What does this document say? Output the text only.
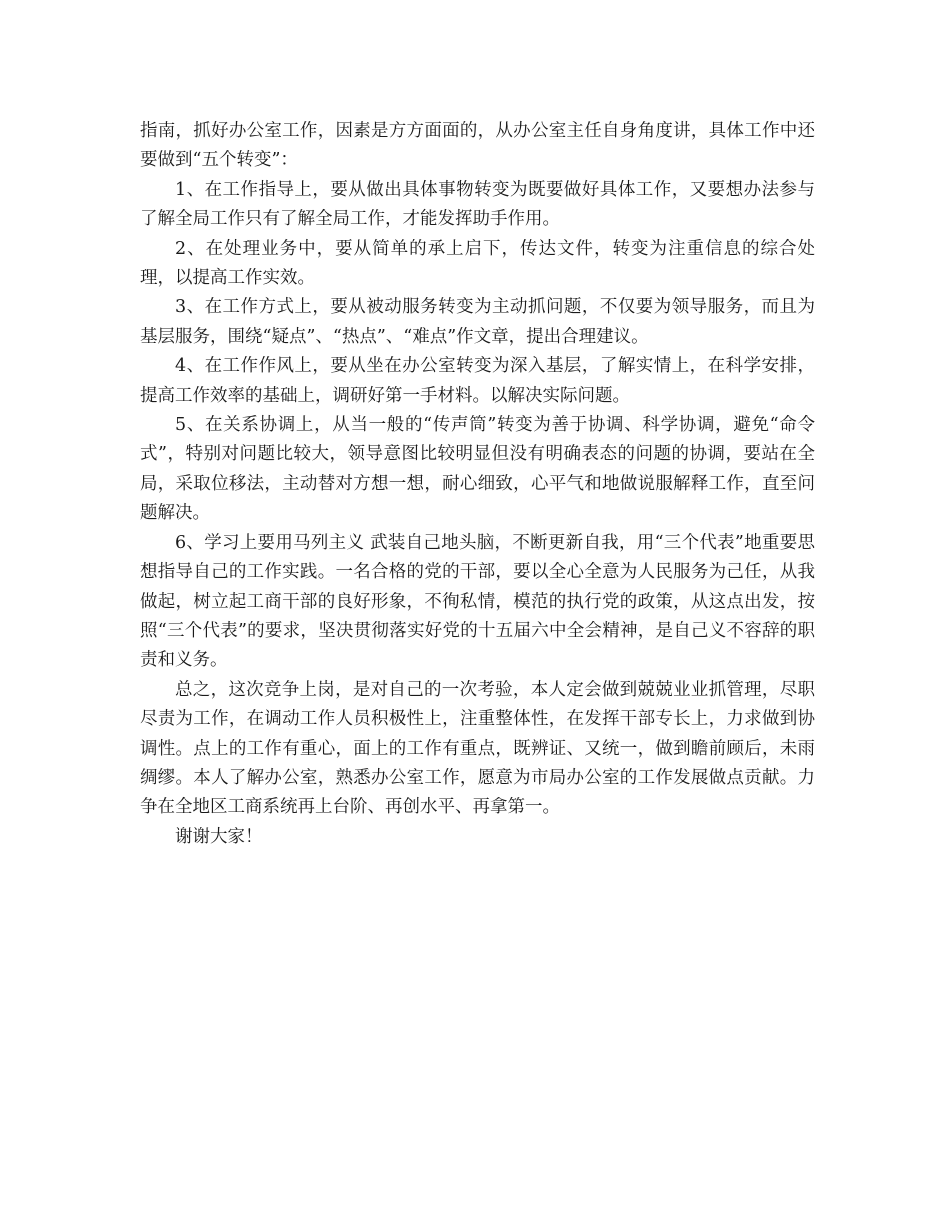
指南，抓好办公室工作，因素是方方面面的，从办公室主任自身角度讲，具体工作中还要做到“五个转变”：

1、在工作指导上，要从做出具体事物转变为既要做好具体工作，又要想办法参与了解全局工作只有了解全局工作，才能发挥助手作用。

2、在处理业务中，要从简单的承上启下，传达文件，转变为注重信息的综合处理，以提高工作实效。

3、在工作方式上，要从被动服务转变为主动抓问题，不仅要为领导服务，而且为基层服务，围绕“疑点”、“热点”、“难点”作文章，提出合理建议。

4、在工作作风上，要从坐在办公室转变为深入基层，了解实情上，在科学安排，提高工作效率的基础上，调研好第一手材料。以解决实际问题。

5、在关系协调上，从当一般的“传声筒”转变为善于协调、科学协调，避免“命令式”，特别对问题比较大，领导意图比较明显但没有明确表态的问题的协调，要站在全局，采取位移法，主动替对方想一想，耐心细致，心平气和地做说服解释工作，直至问题解决。

6、学习上要用马列主义 武装自己地头脑，不断更新自我，用“三个代表”地重要思想指导自己的工作实践。一名合格的党的干部，要以全心全意为人民服务为己任，从我做起，树立起工商干部的良好形象，不徇私情，模范的执行党的政策，从这点出发，按照“三个代表”的要求，坚决贯彻落实好党的十五届六中全会精神，是自己义不容辞的职责和义务。

总之，这次竞争上岗，是对自己的一次考验，本人定会做到兢兢业业抓管理，尽职尽责为工作，在调动工作人员积极性上，注重整体性，在发挥干部专长上，力求做到协调性。点上的工作有重心，面上的工作有重点，既辨证、又统一，做到瞻前顾后，未雨绸缪。本人了解办公室，熟悉办公室工作，愿意为市局办公室的工作发展做点贡献。力争在全地区工商系统再上台阶、再创水平、再拿第一。

谢谢大家！
